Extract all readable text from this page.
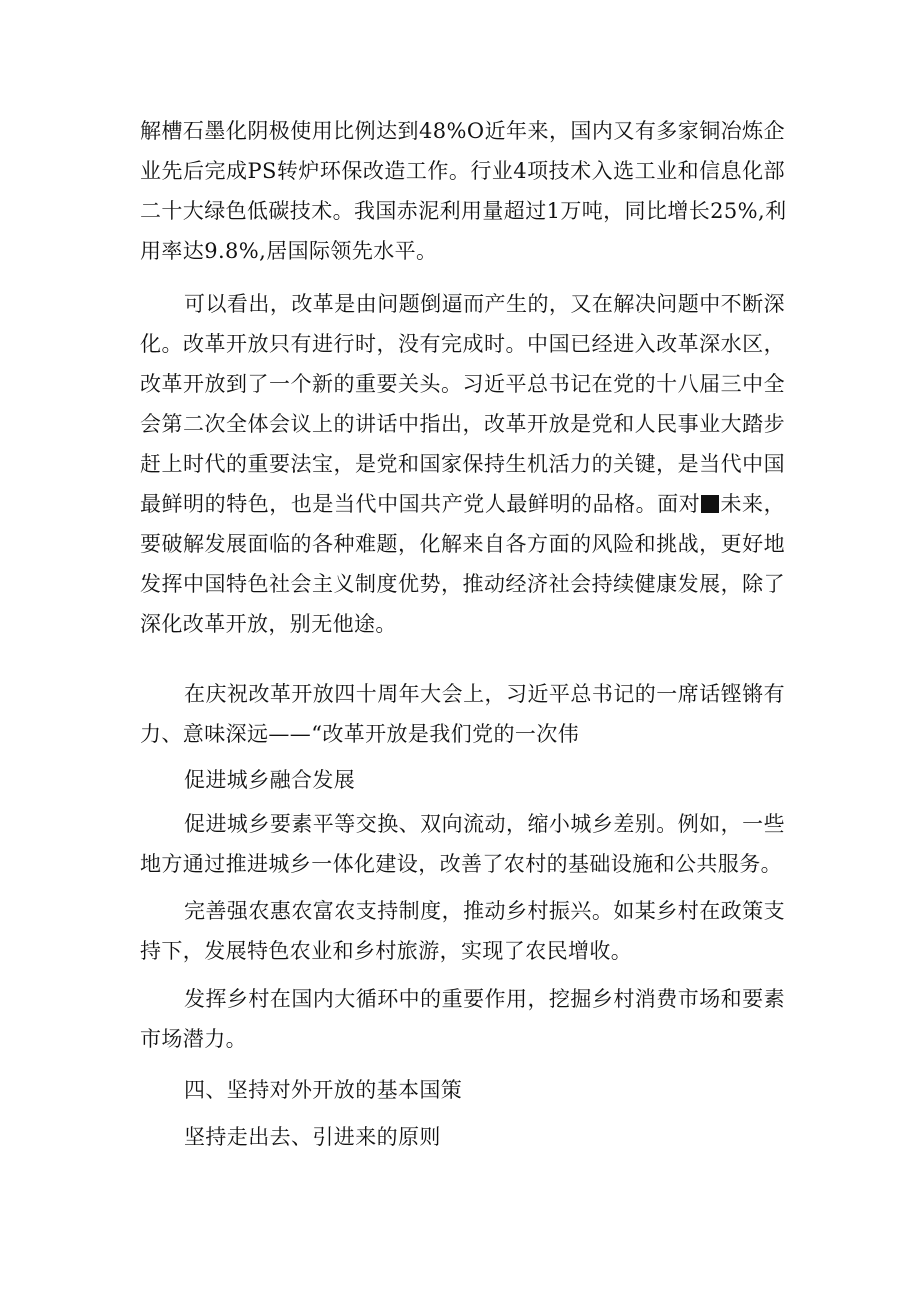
解槽石墨化阴极使用比例达到48%O近年来，国内又有多家铜冶炼企
业先后完成PS转炉环保改造工作。行业4项技术入选工业和信息化部
二十大绿色低碳技术。我国赤泥利用量超过1万吨，同比增长25%,利
用率达9.8%,居国际领先水平。
可以看出，改革是由问题倒逼而产生的，又在解决问题中不断深
化。改革开放只有进行时，没有完成时。中国已经进入改革深水区，
改革开放到了一个新的重要关头。习近平总书记在党的十八届三中全
会第二次全体会议上的讲话中指出，改革开放是党和人民事业大踏步
赶上时代的重要法宝，是党和国家保持生机活力的关键，是当代中国
最鲜明的特色，也是当代中国共产党人最鲜明的品格。面对 未来，
要破解发展面临的各种难题，化解来自各方面的风险和挑战，更好地
发挥中国特色社会主义制度优势，推动经济社会持续健康发展，除了
深化改革开放，别无他途。
在庆祝改革开放四十周年大会上，习近平总书记的一席话铿锵有
力、意味深远——“改革开放是我们党的一次伟
促进城乡融合发展
促进城乡要素平等交换、双向流动，缩小城乡差别。例如，一些
地方通过推进城乡一体化建设，改善了农村的基础设施和公共服务。
完善强农惠农富农支持制度，推动乡村振兴。如某乡村在政策支
持下，发展特色农业和乡村旅游，实现了农民增收。
发挥乡村在国内大循环中的重要作用，挖掘乡村消费市场和要素
市场潜力。
四、坚持对外开放的基本国策
坚持走出去、引进来的原则
